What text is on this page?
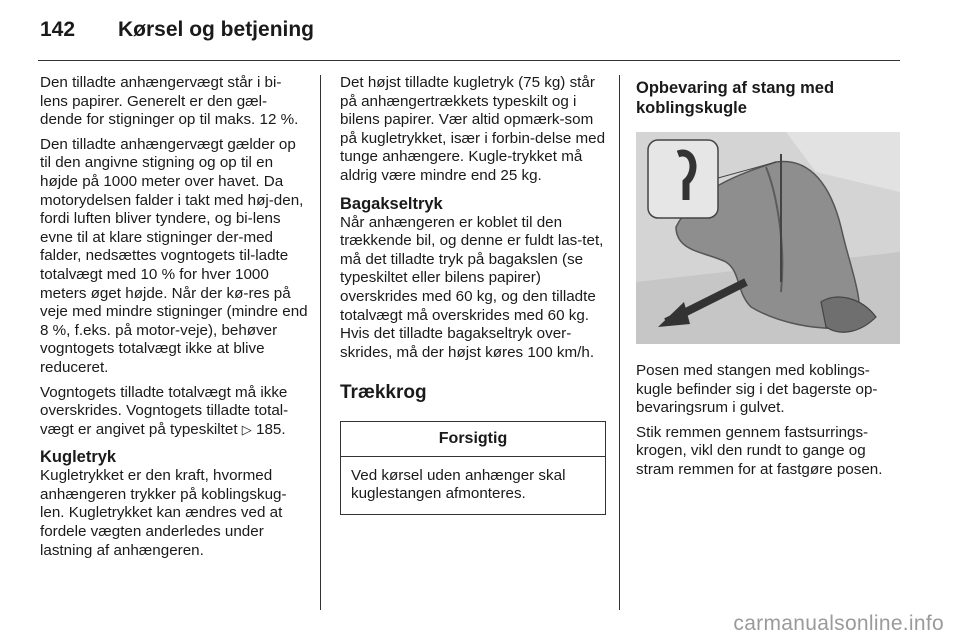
142	Kørsel og betjening

Den tilladte anhængervægt står i bi-lens papirer. Generelt er den gæl-dende for stigninger op til maks. 12 %.

Den tilladte anhængervægt gælder op til den angivne stigning og op til en højde på 1000 meter over havet. Da motorydelsen falder i takt med høj-den, fordi luften bliver tyndere, og bi-lens evne til at klare stigninger der-med falder, nedsættes vogntogets til-ladte totalvægt med 10 % for hver 1000 meters øget højde. Når der kø-res på veje med mindre stigninger (mindre end 8 %, f.eks. på motor-veje), behøver vogntogets totalvægt ikke at blive reduceret.

Vogntogets tilladte totalvægt må ikke overskrides. Vogntogets tilladte total-vægt er angivet på typeskiltet ▷ 185.

Kugletryk

Kugletrykket er den kraft, hvormed anhængeren trykker på koblingskug-len. Kugletrykket kan ændres ved at fordele vægten anderledes under lastning af anhængeren.

Det højst tilladte kugletryk (75 kg) står på anhængertrækkets typeskilt og i bilens papirer. Vær altid opmærk-som på kugletrykket, især i forbin-delse med tunge anhængere. Kugle-trykket må aldrig være mindre end 25 kg.

Bagakseltryk

Når anhængeren er koblet til den trækkende bil, og denne er fuldt las-tet, må det tilladte tryk på bagakslen (se typeskiltet eller bilens papirer) overskrides med 60 kg, og den tilladte totalvægt må overskrides med 60 kg. Hvis det tilladte bagakseltryk over-skrides, må der højst køres 100 km/h.

Trækkrog
Forsigtig
Ved kørsel uden anhænger skal kuglestangen afmonteres.
Opbevaring af stang med koblingskugle

Posen med stangen med koblings-kugle befinder sig i det bagerste op-bevaringsrum i gulvet.

Stik remmen gennem fastsurrings-krogen, vikl den rundt to gange og stram remmen for at fastgøre posen.

carmanualsonline.info
